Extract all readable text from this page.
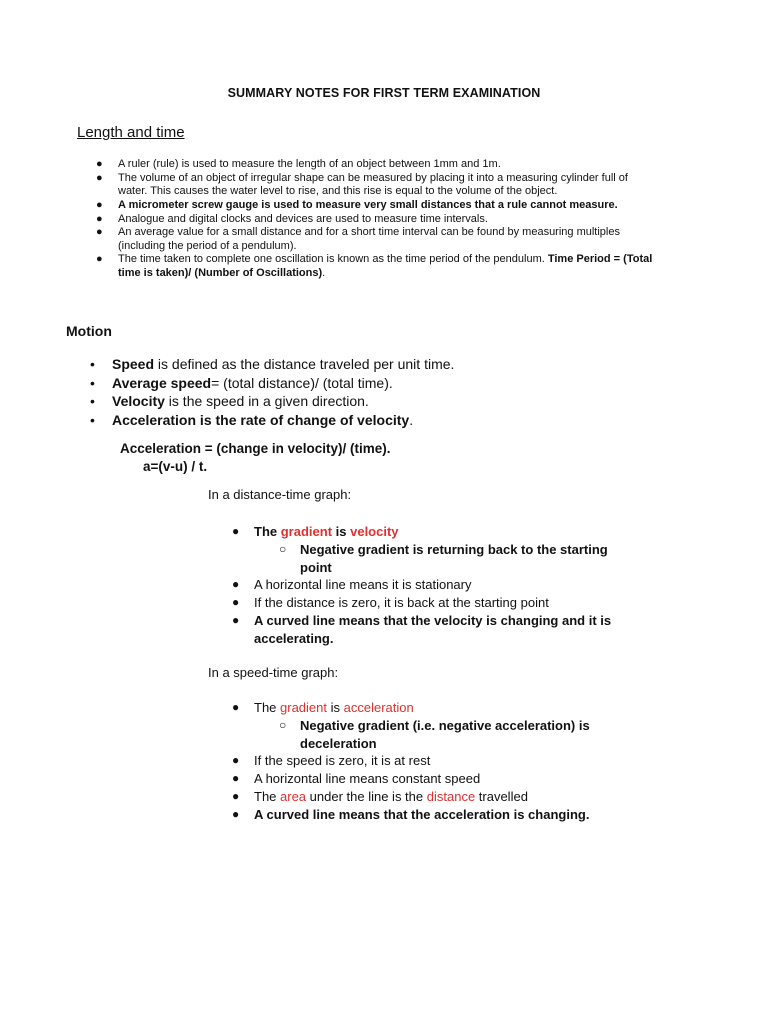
SUMMARY NOTES FOR FIRST TERM EXAMINATION
Length and time
● A ruler (rule) is used to measure the length of an object between 1mm and 1m.
● The volume of an object of irregular shape can be measured by placing it into a measuring cylinder full of water. This causes the water level to rise, and this rise is equal to the volume of the object.
● A micrometer screw gauge is used to measure very small distances that a rule cannot measure.
● Analogue and digital clocks and devices are used to measure time intervals.
● An average value for a small distance and for a short time interval can be found by measuring multiples (including the period of a pendulum).
● The time taken to complete one oscillation is known as the time period of the pendulum. Time Period = (Total time is taken)/ (Number of Oscillations).
Motion
• Speed is defined as the distance traveled per unit time.
• Average speed= (total distance)/ (total time).
• Velocity is the speed in a given direction.
• Acceleration is the rate of change of velocity.
Acceleration = (change in velocity)/ (time).
a=(v-u) / t.
In a distance-time graph:
● The gradient is velocity
○ Negative gradient is returning back to the starting point
● A horizontal line means it is stationary
● If the distance is zero, it is back at the starting point
● A curved line means that the velocity is changing and it is accelerating.
In a speed-time graph:
● The gradient is acceleration
○ Negative gradient (i.e. negative acceleration) is deceleration
● If the speed is zero, it is at rest
● A horizontal line means constant speed
● The area under the line is the distance travelled
● A curved line means that the acceleration is changing.
